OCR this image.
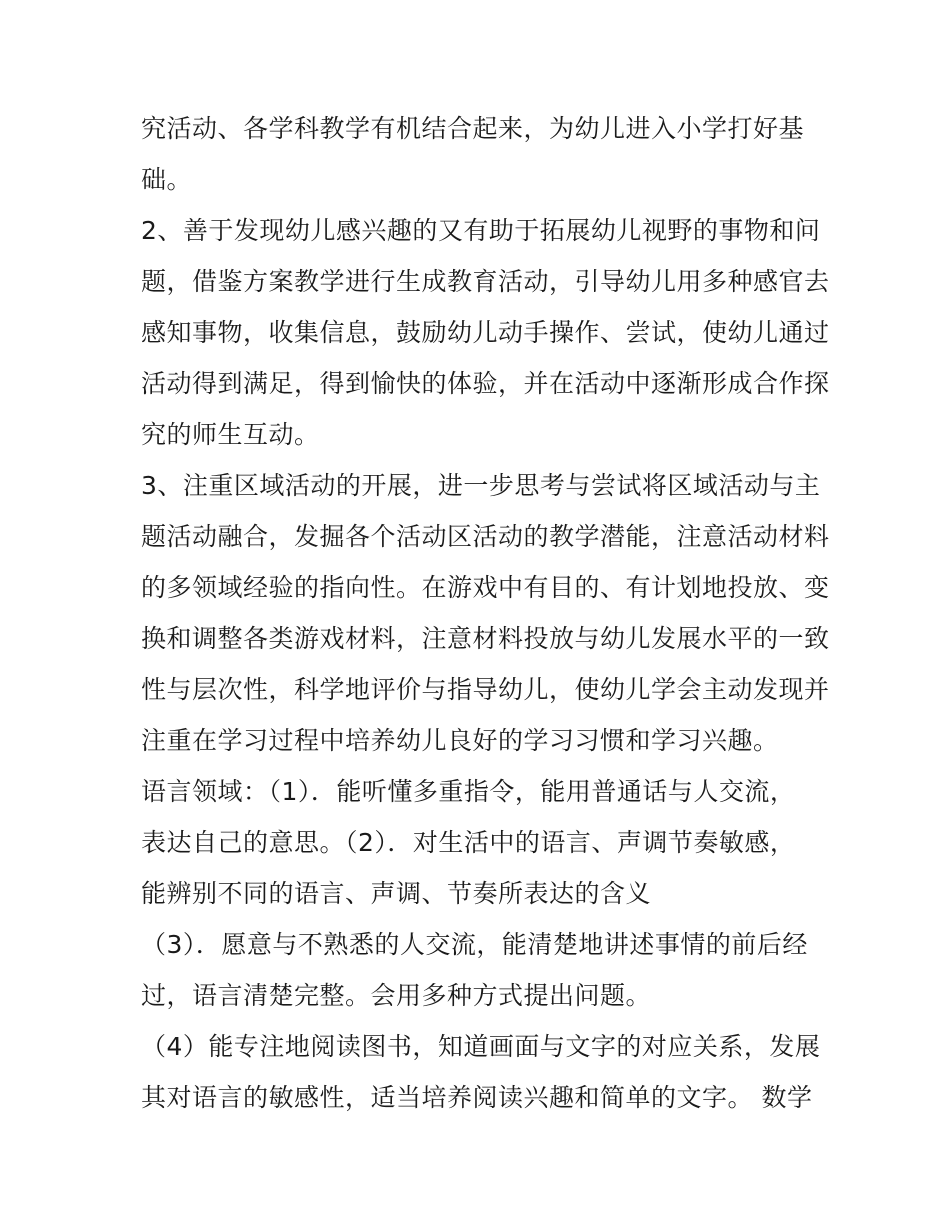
究活动、各学科教学有机结合起来，为幼儿进入小学打好基
础。
2、善于发现幼儿感兴趣的又有助于拓展幼儿视野的事物和问
题，借鉴方案教学进行生成教育活动，引导幼儿用多种感官去
感知事物，收集信息，鼓励幼儿动手操作、尝试，使幼儿通过
活动得到满足，得到愉快的体验，并在活动中逐渐形成合作探
究的师生互动。
3、注重区域活动的开展，进一步思考与尝试将区域活动与主
题活动融合，发掘各个活动区活动的教学潜能，注意活动材料
的多领域经验的指向性。在游戏中有目的、有计划地投放、变
换和调整各类游戏材料，注意材料投放与幼儿发展水平的一致
性与层次性，科学地评价与指导幼儿，使幼儿学会主动发现并
注重在学习过程中培养幼儿良好的学习习惯和学习兴趣。
语言领域：（1）．能听懂多重指令，能用普通话与人交流，
表达自己的意思。（2）．对生活中的语言、声调节奏敏感，
能辨别不同的语言、声调、节奏所表达的含义
（3）．愿意与不熟悉的人交流，能清楚地讲述事情的前后经
过，语言清楚完整。会用多种方式提出问题。
（4）能专注地阅读图书，知道画面与文字的对应关系，发展
其对语言的敏感性，适当培养阅读兴趣和简单的文字。 数学
